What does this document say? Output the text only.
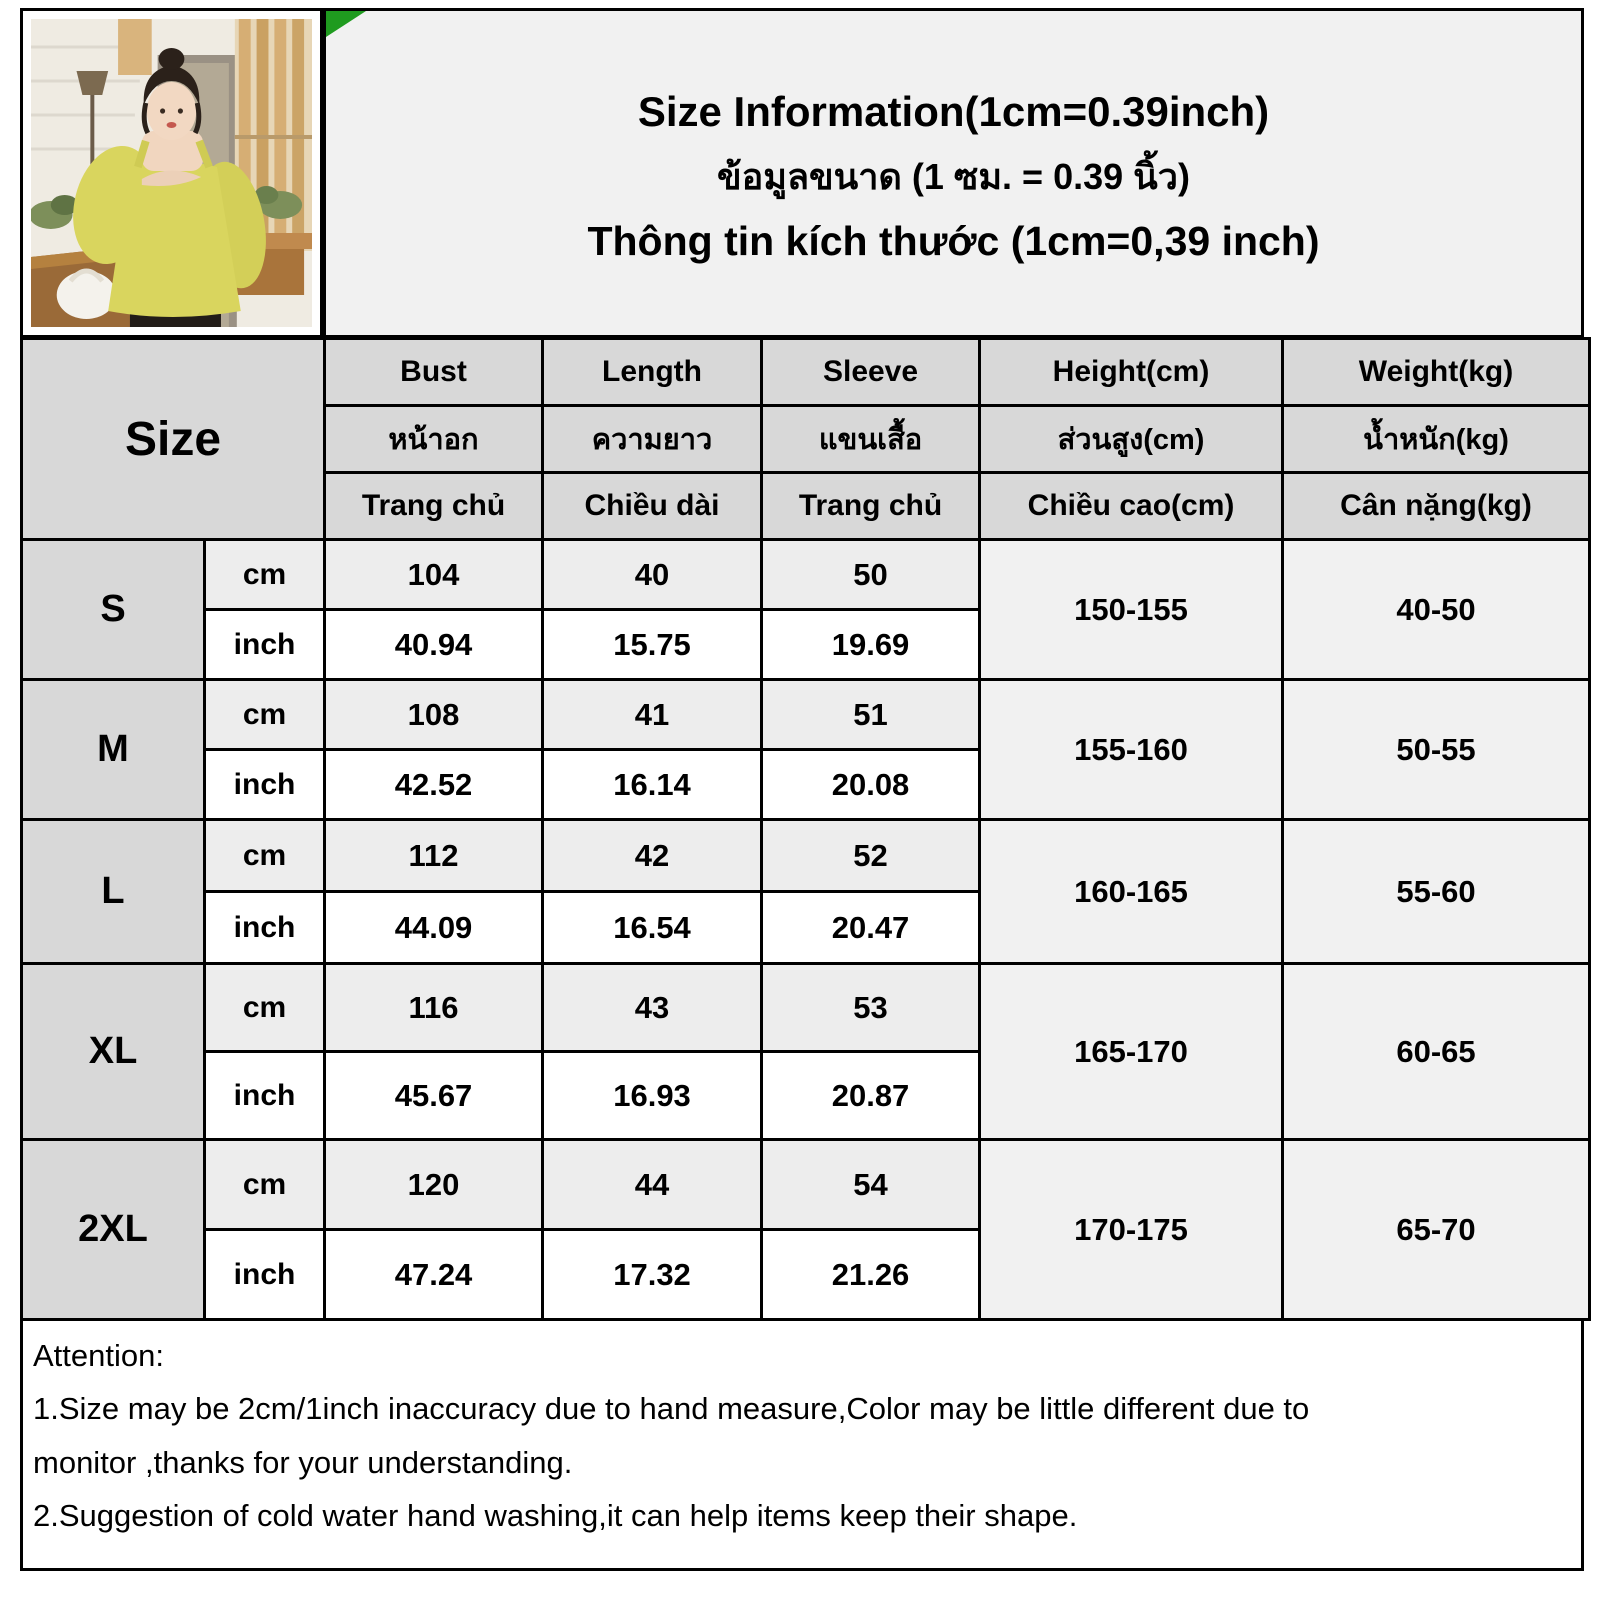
Size Information(1cm=0.39inch)
ข้อมูลขนาด (1 ซม. = 0.39 นิ้ว)
Thông tin kích thước (1cm=0,39 inch)
Size		Bust	Length	Sleeve	Height(cm)	Weight(kg)
		หน้าอก	ความยาว	แขนเสื้อ	ส่วนสูง(cm)	น้ำหนัก(kg)
		Trang chủ	Chiều dài	Trang chủ	Chiều cao(cm)	Cân nặng(kg)
S	cm	104	40	50	150-155	40-50
	inch	40.94	15.75	19.69		
M	cm	108	41	51	155-160	50-55
	inch	42.52	16.14	20.08		
L	cm	112	42	52	160-165	55-60
	inch	44.09	16.54	20.47		
XL	cm	116	43	53	165-170	60-65
	inch	45.67	16.93	20.87		
2XL	cm	120	44	54	170-175	65-70
	inch	47.24	17.32	21.26		
Attention:
1.Size may be 2cm/1inch inaccuracy due to hand measure,Color may be little different due to
monitor ,thanks for your understanding.
2.Suggestion of cold water hand washing,it can help items keep their shape.
